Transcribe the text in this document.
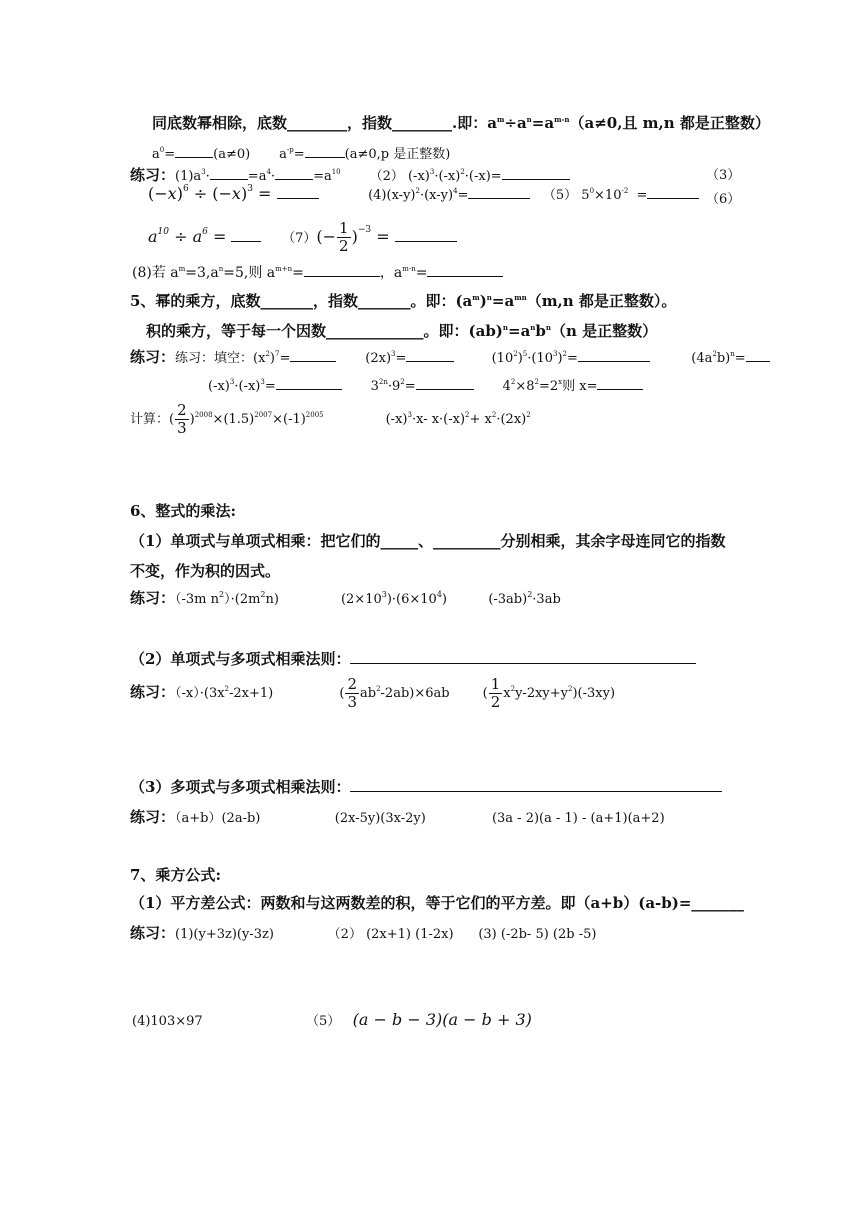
同底数幂相除，底数________，指数________.即：$a^m\div a^n=a^{m-n}(a\ne 0$,且 m,n 都是正整数）
$a^0=$	(a≠0)       $a^{-p}=$	(a≠0,p 是正整数)
练习：$(1)a^3\cdot$	$=a^4\cdot$	$=a^{10}$ （2） $(-x)^3\cdot(-x)^2\cdot(-x)=$	（3）
$(-x)^6 \div (-x)^3$ =	$(4)(x-y)^2\cdot(x-y)^4=$	（5） $5^0\times 10^{-2}$  =	（6）
$a^{10} \div a^6$ =	$(7)(- \frac{1}{2} )^{-3}$ =
(8)若 $a^m=3,a^n=5$,则 $a^{m+n}=$	，$a^{m-n}=$
5、幂的乘方，底数_______，指数_______。即：$(a^m)^n=a^{mn}(m,n$ 都是正整数）。
积的乘方，等于每一个因数_____________。即：$(ab)^n=a^nb^n(n$ 是正整数）
练习：练习：填空：$(x^2)^7=$	$(2x)^3=$	$(10^2)^5\cdot(10^3)^2=$	$(4a^2b)^n=$
$(-x)^3\cdot(-x)^3=$	$3^{2n}\cdot 9^2=$	$4^2\times 8^2=2^x$则 x=
计算：( $\frac{2}{3} )^{2008}\times(1.5)^{2007}\times(-1)^{2005}$               $(-x)^3\cdot x-$ $x\cdot(-x)^2+ x^2\cdot(2x)^2$
6、整式的乘法:
（1）单项式与单项式相乘：把它们的_____、_________分别相乘，其余字母连同它的指数
不变，作为积的因式。
练习：（-3m $n^2)\cdot(2m^2n)$               $(2\times 10^3)\cdot(6\times 10^4)$          $(-3ab)^2\cdot 3ab$
（2）单项式与多项式相乘法则：
练习：$(-x)\cdot(3x^2-2x+1)$                ( $\frac{2}{3} ab^2-2ab)\times 6ab$        ( $\frac{1}{2} x^2y-2xy+y^2)(-3xy)$
（3）多项式与多项式相乘法则：
练习：（a+b）(2a-b)	(2x-5y)(3x-2y)	(3a - 2)(a - 1) - (a+1)(a+2)
7、乘方公式:
（1）平方差公式：两数和与这两数差的积，等于它们的平方差。即（a+b）(a-b)=_______
练习：(1)(y+3z)(y-3z)	（2） (2x+1) (1-2x) (3) (-2b- 5) (2b -5)
(4)103×97	（5） (a − b − 3)(a − b + 3)
